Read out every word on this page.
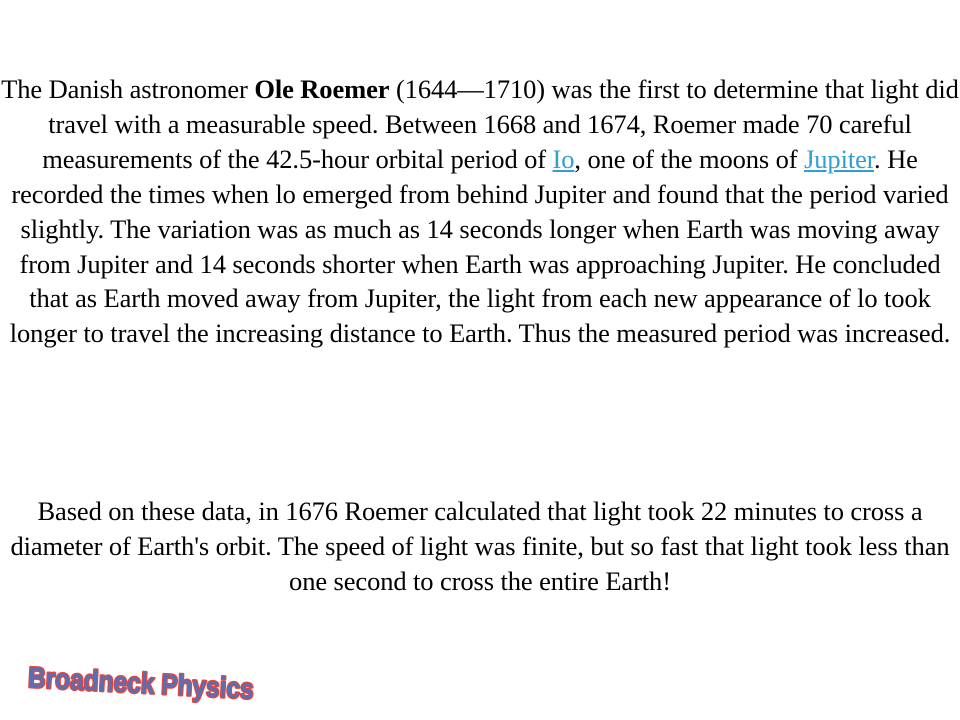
The Danish astronomer Ole Roemer (1644—1710) was the first to determine that light did travel with a measurable speed. Between 1668 and 1674, Roemer made 70 careful measurements of the 42.5-hour orbital period of Io, one of the moons of Jupiter. He recorded the times when lo emerged from behind Jupiter and found that the period varied slightly. The variation was as much as 14 seconds longer when Earth was moving away from Jupiter and 14 seconds shorter when Earth was approaching Jupiter. He concluded that as Earth moved away from Jupiter, the light from each new appearance of lo took longer to travel the increasing distance to Earth. Thus the measured period was increased.
Based on these data, in 1676 Roemer calculated that light took 22 minutes to cross a diameter of Earth's orbit. The speed of light was finite, but so fast that light took less than one second to cross the entire Earth!
Broadneck Physics
